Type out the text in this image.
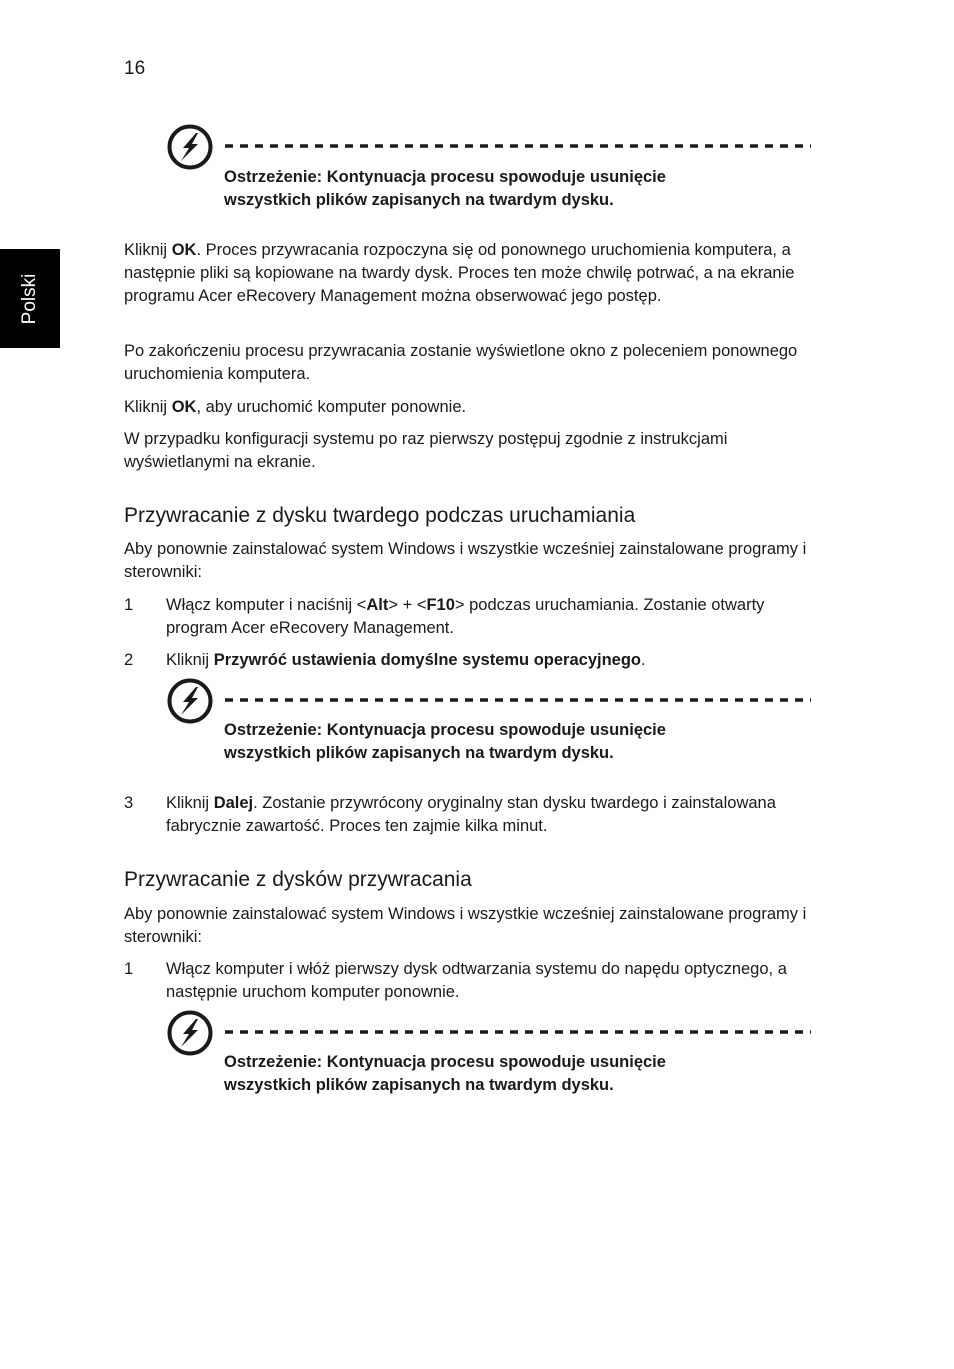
16
Polski

Ostrzeżenie: Kontynuacja procesu spowoduje usunięcie
wszystkich plików zapisanych na twardym dysku.

Kliknij OK. Proces przywracania rozpoczyna się od ponownego uruchomienia komputera, a następnie pliki są kopiowane na twardy dysk. Proces ten może chwilę potrwać, a na ekranie programu Acer eRecovery Management można obserwować jego postęp.

Po zakończeniu procesu przywracania zostanie wyświetlone okno z poleceniem ponownego uruchomienia komputera.

Kliknij OK, aby uruchomić komputer ponownie.

W przypadku konfiguracji systemu po raz pierwszy postępuj zgodnie z instrukcjami wyświetlanymi na ekranie.

Przywracanie z dysku twardego podczas uruchamiania

Aby ponownie zainstalować system Windows i wszystkie wcześniej zainstalowane programy i sterowniki:

1	Włącz komputer i naciśnij <Alt> + <F10> podczas uruchamiania. Zostanie otwarty program Acer eRecovery Management.

2	Kliknij Przywróć ustawienia domyślne systemu operacyjnego.

Ostrzeżenie: Kontynuacja procesu spowoduje usunięcie
wszystkich plików zapisanych na twardym dysku.

3	Kliknij Dalej. Zostanie przywrócony oryginalny stan dysku twardego i zainstalowana fabrycznie zawartość. Proces ten zajmie kilka minut.

Przywracanie z dysków przywracania

Aby ponownie zainstalować system Windows i wszystkie wcześniej zainstalowane programy i sterowniki:

1	Włącz komputer i włóż pierwszy dysk odtwarzania systemu do napędu optycznego, a następnie uruchom komputer ponownie.

Ostrzeżenie: Kontynuacja procesu spowoduje usunięcie
wszystkich plików zapisanych na twardym dysku.
